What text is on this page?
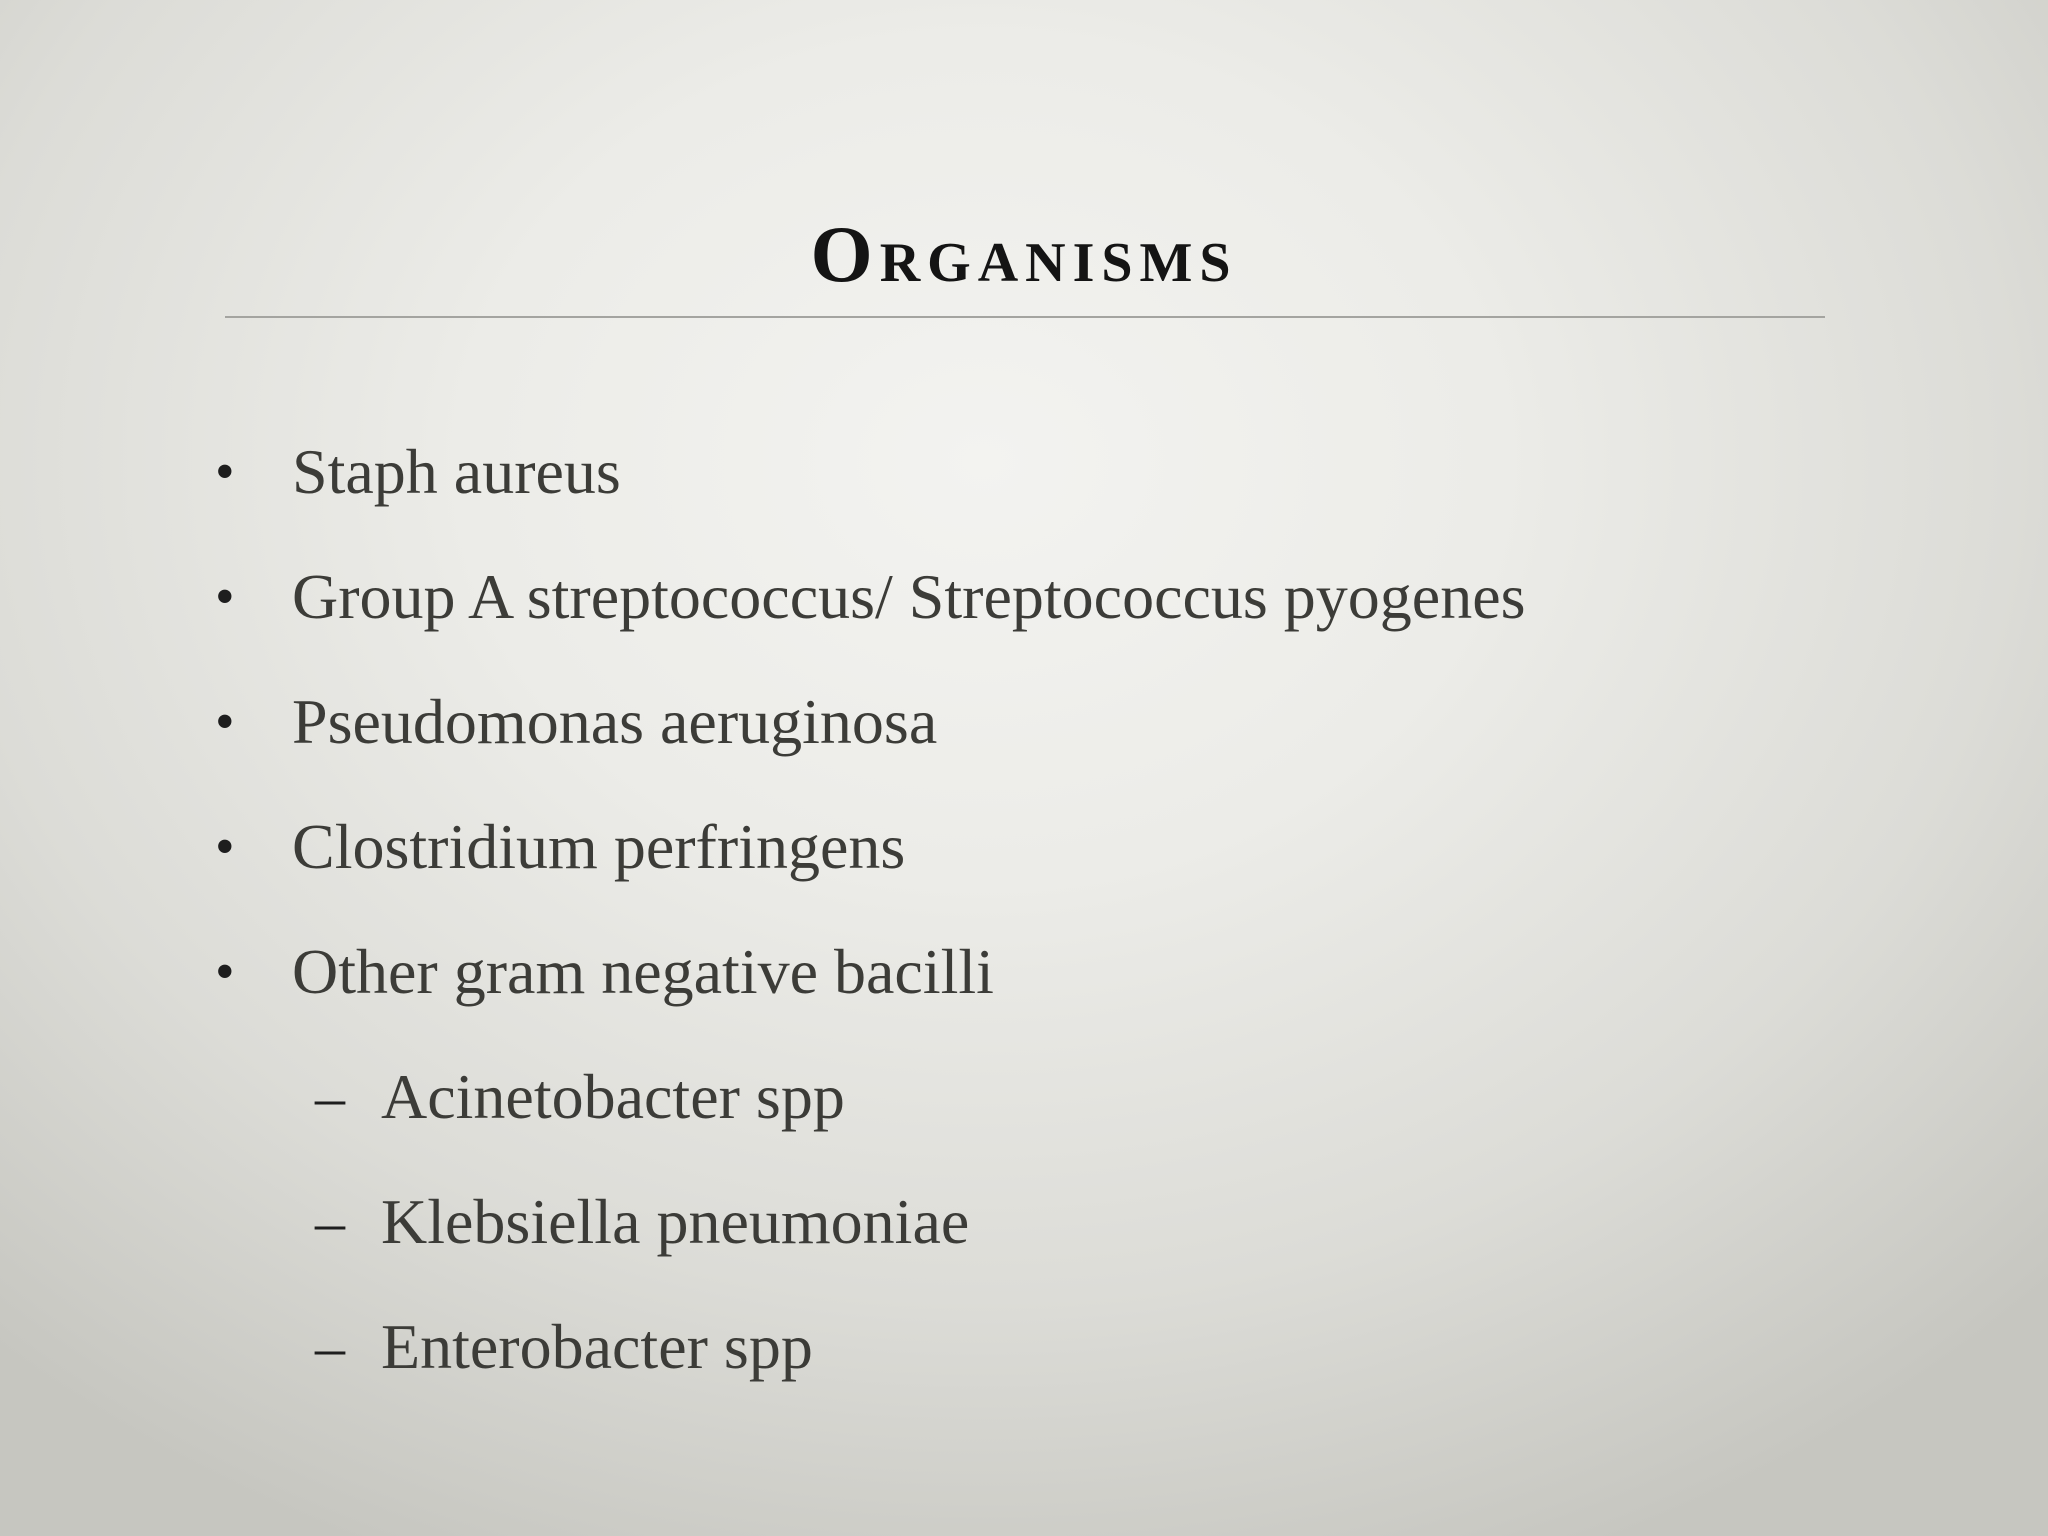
Organisms
• Staph aureus
• Group A streptococcus/ Streptococcus pyogenes
• Pseudomonas aeruginosa
• Clostridium perfringens
• Other gram negative bacilli
– Acinetobacter spp
– Klebsiella pneumoniae
– Enterobacter spp
